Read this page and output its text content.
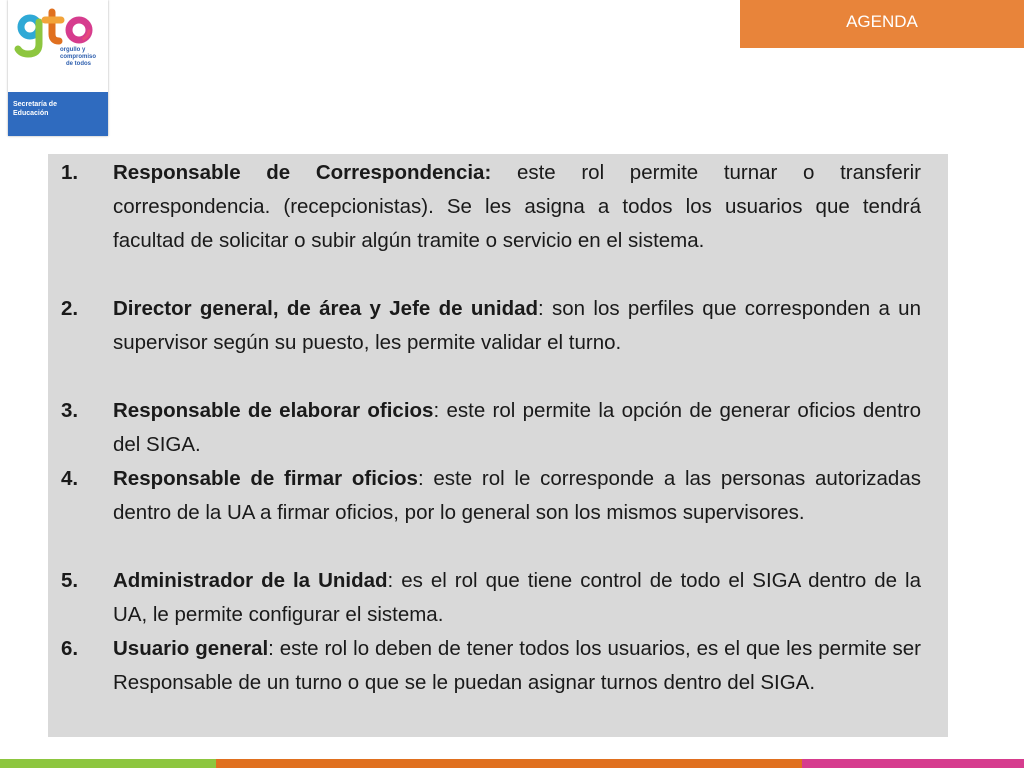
orgullo y
compromiso
de todos
Secretaría de
Educación
AGENDA
1. Responsable de Correspondencia: este rol permite turnar o transferir correspondencia. (recepcionistas). Se les asigna a todos los usuarios que tendrá facultad de solicitar o subir algún tramite o servicio en el sistema.
2. Director general, de área y Jefe de unidad: son los perfiles que corresponden a un supervisor según su puesto, les permite validar el turno.
3. Responsable de elaborar oficios: este rol permite la opción de generar oficios dentro del SIGA.
4. Responsable de firmar oficios: este rol le corresponde a las personas autorizadas dentro de la UA a firmar oficios, por lo general son los mismos supervisores.
5. Administrador de la Unidad: es el rol que tiene control de todo el SIGA dentro de la UA, le permite configurar el sistema.
6. Usuario general: este rol lo deben de tener todos los usuarios, es el que les permite ser Responsable de un turno o que se le puedan asignar turnos dentro del SIGA.
